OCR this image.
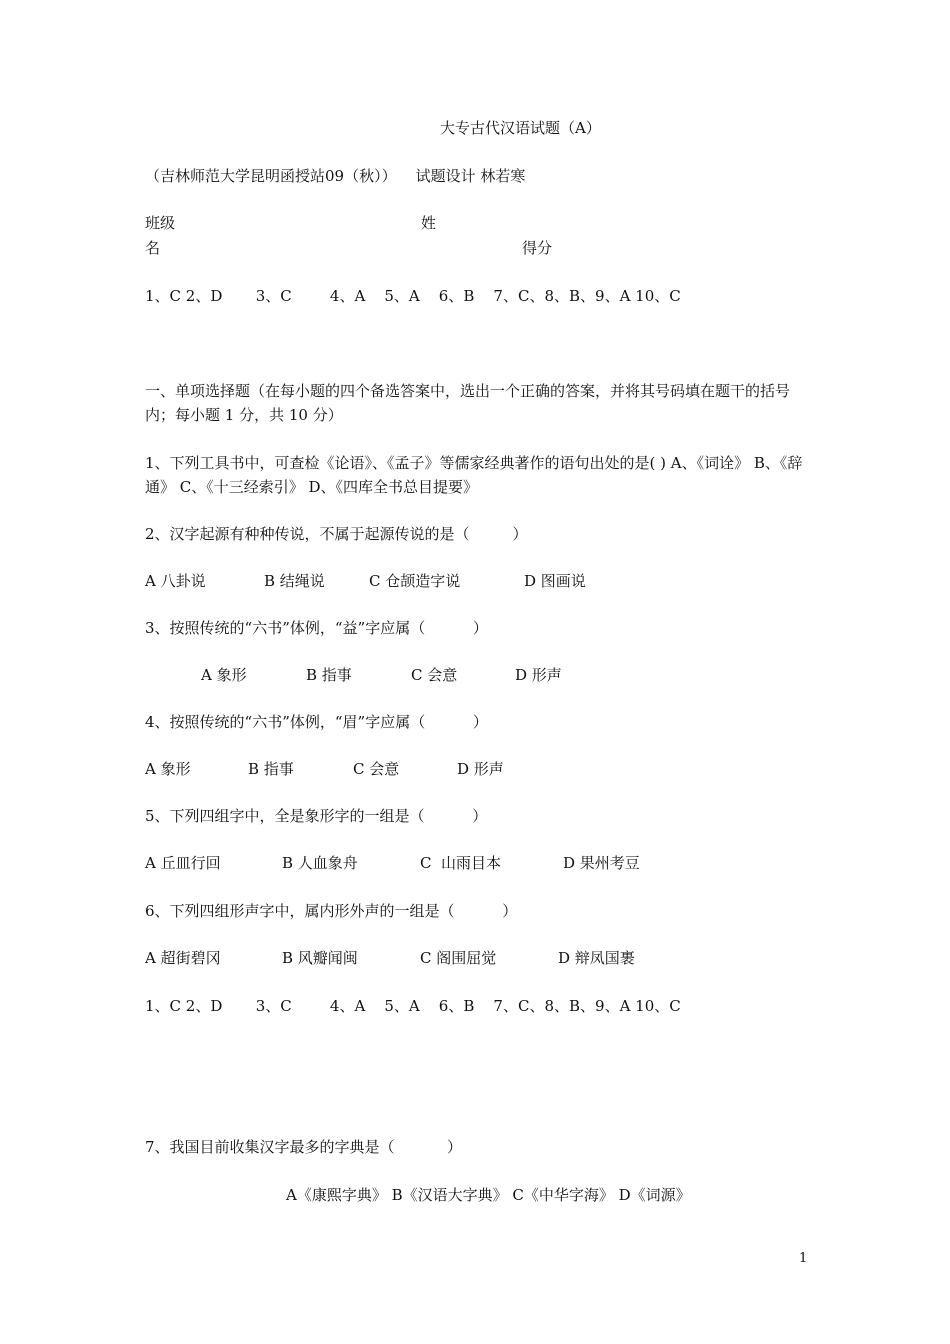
大专古代汉语试题（A）
（吉林师范大学昆明函授站09（秋））    试题设计 林若寒
班级	姓
名	得分
1、C 2、D       3、C        4、A    5、A    6、B    7、C、8、B、9、A 10、C
一、单项选择题（在每小题的四个备选答案中，选出一个正确的答案，并将其号码填在题干的括号内；每小题 1 分，共 10 分）
1、下列工具书中，可查检《论语》、《孟子》等儒家经典著作的语句出处的是( ) A、《词诠》 B、《辞通》 C、《十三经索引》 D、《四库全书总目提要》
2、汉字起源有种种传说，不属于起源传说的是（         ）
A 八卦说	B 结绳说	C 仓颉造字说	D 图画说
3、按照传统的“六书”体例，“益”字应属（          ）
A 象形	B 指事	C 会意	D 形声
4、按照传统的“六书”体例，“眉”字应属（          ）
A 象形	B 指事	C 会意	D 形声
5、下列四组字中，全是象形字的一组是（          ）
A 丘皿行回	B 人血象舟	C  山雨目本	D 果州考豆
6、下列四组形声字中，属内形外声的一组是（          ）
A 超街碧冈	B 风瓣闻闽	C 阁围屈觉	D 辩凤国裹
1、C 2、D       3、C        4、A    5、A    6、B    7、C、8、B、9、A 10、C
7、我国目前收集汉字最多的字典是（           ）
A《康熙字典》 B《汉语大字典》 C《中华字海》 D《词源》
1
